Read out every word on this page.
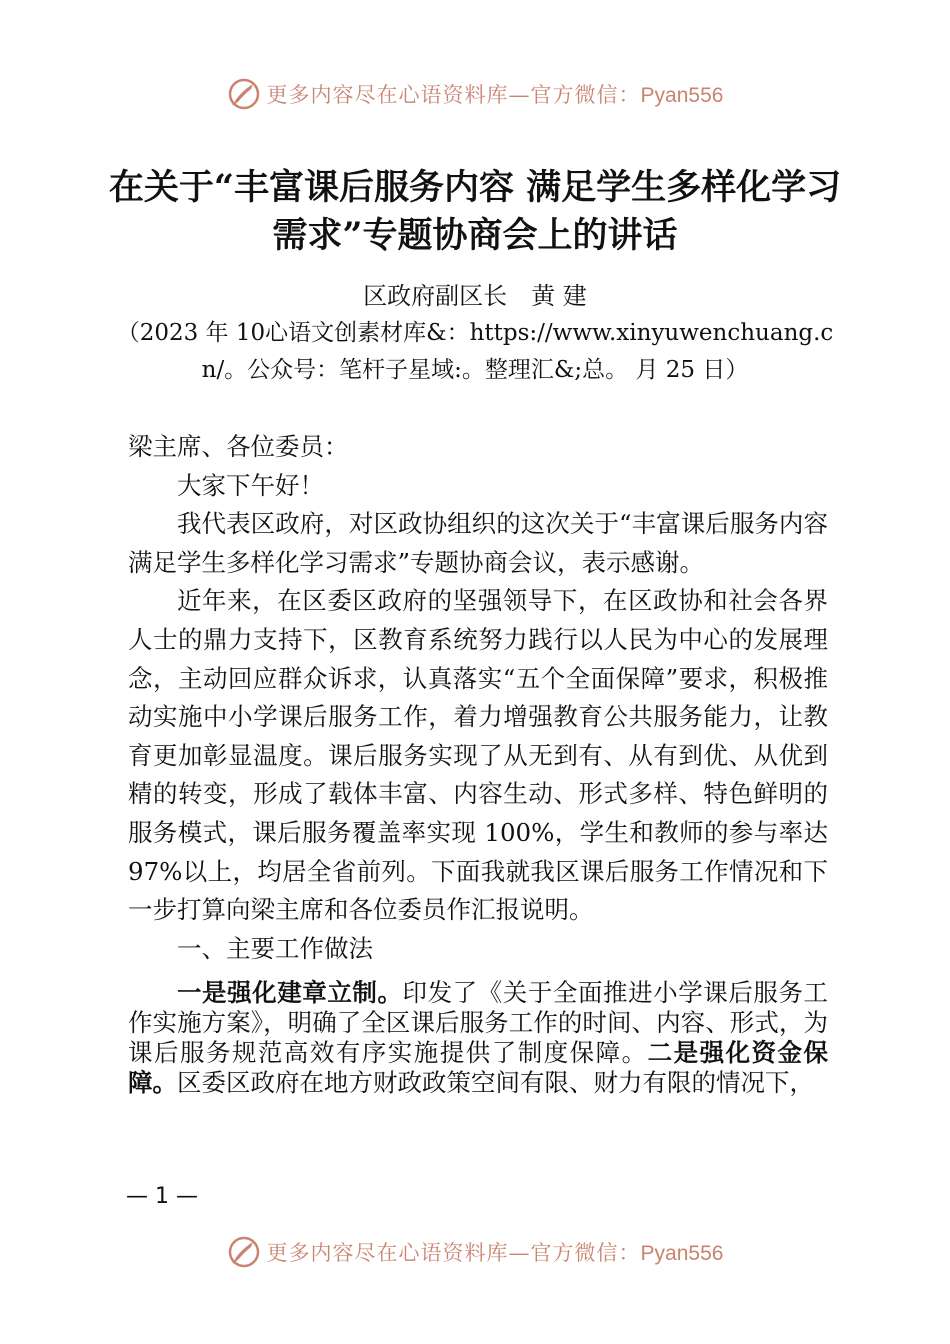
更多内容尽在心语资料库—官方微信：Pyan556
在关于“丰富课后服务内容 满足学生多样化学习需求”专题协商会上的讲话
区政府副区长　黄 建
（2023 年 10心语文创素材库&：https://www.xinyuwenchuang.cn/。公众号：笔杆子星域:。整理汇&;总。 月 25 日）

梁主席、各位委员：

大家下午好！

我代表区政府，对区政协组织的这次关于“丰富课后服务内容 满足学生多样化学习需求”专题协商会议，表示感谢。

近年来，在区委区政府的坚强领导下，在区政协和社会各界人士的鼎力支持下，区教育系统努力践行以人民为中心的发展理念，主动回应群众诉求，认真落实“五个全面保障”要求，积极推动实施中小学课后服务工作，着力增强教育公共服务能力，让教育更加彰显温度。课后服务实现了从无到有、从有到优、从优到精的转变，形成了载体丰富、内容生动、形式多样、特色鲜明的服务模式，课后服务覆盖率实现 100%，学生和教师的参与率达 97%以上，均居全省前列。下面我就我区课后服务工作情况和下一步打算向梁主席和各位委员作汇报说明。

一、主要工作做法

一是强化建章立制。印发了《关于全面推进小学课后服务工作实施方案》，明确了全区课后服务工作的时间、内容、形式，为课后服务规范高效有序实施提供了制度保障。二是强化资金保障。区委区政府在地方财政政策空间有限、财力有限的情况下，

— 1 —
更多内容尽在心语资料库—官方微信：Pyan556
